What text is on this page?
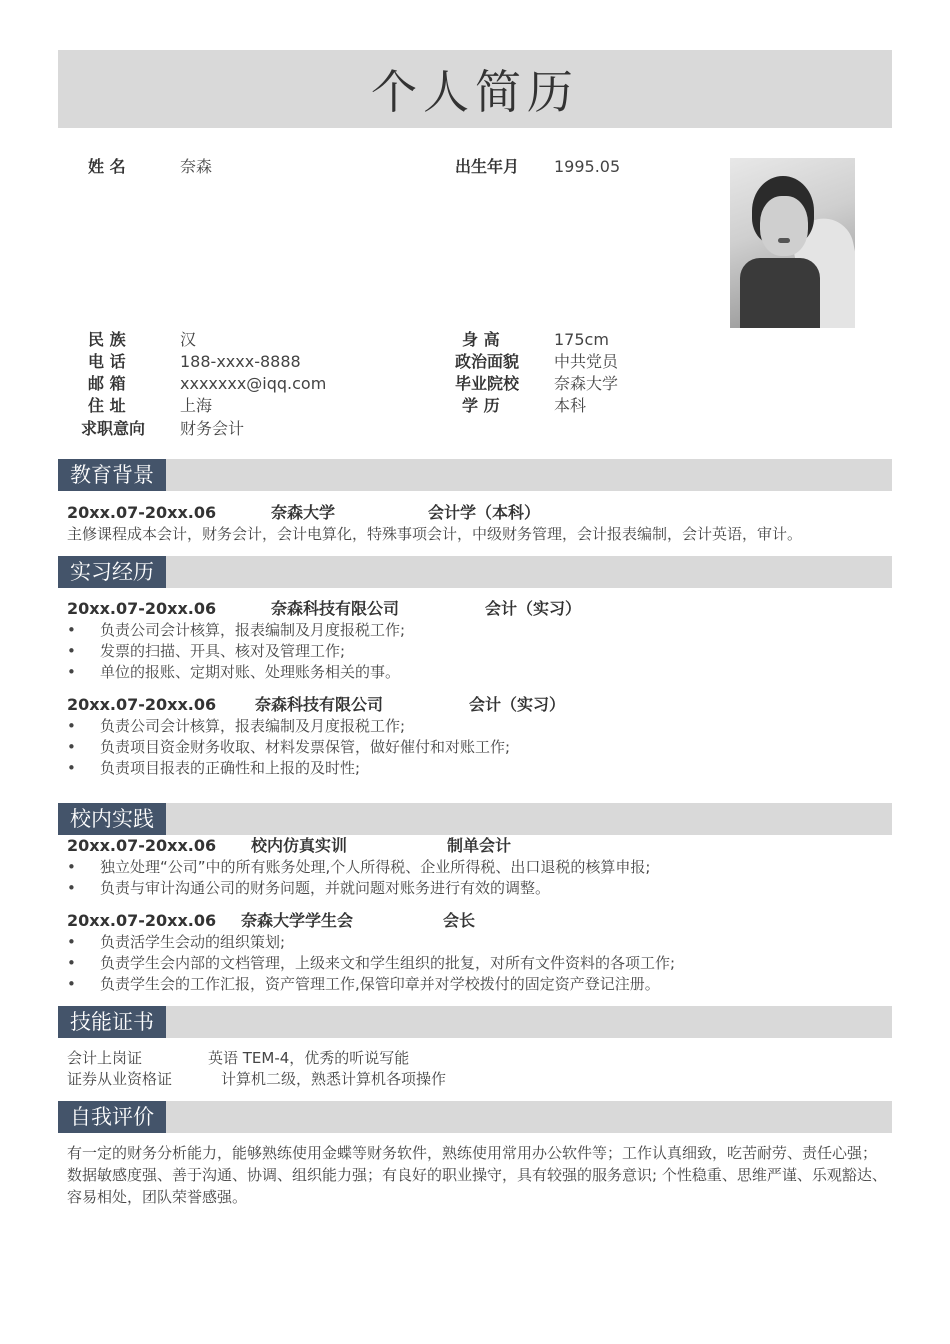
个人简历
姓 名	奈森	出生年月 1995.05
民 族	汉	身 高	175cm
电 话	188-xxxx-8888	政治面貌 中共党员
邮 箱	xxxxxxx@iqq.com	毕业院校 奈森大学
住 址	上海	学 历	本科
求职意向 财务会计
教育背景
20xx.07-20xx.06	奈森大学	会计学（本科）
主修课程成本会计，财务会计，会计电算化，特殊事项会计，中级财务管理，会计报表编制，会计英语，审计。
实习经历
20xx.07-20xx.06	奈森科技有限公司	会计（实习）
• 负责公司会计核算，报表编制及月度报税工作;
• 发票的扫描、开具、核对及管理工作;
• 单位的报账、定期对账、处理账务相关的事。
20xx.07-20xx.06 奈森科技有限公司	会计（实习）
• 负责公司会计核算，报表编制及月度报税工作;
• 负责项目资金财务收取、材料发票保管，做好催付和对账工作;
• 负责项目报表的正确性和上报的及时性;
校内实践
20xx.07-20xx.06 校内仿真实训	制单会计
• 独立处理“公司”中的所有账务处理,个人所得税、企业所得税、出口退税的核算申报;
• 负责与审计沟通公司的财务问题，并就问题对账务进行有效的调整。
20xx.07-20xx.06 奈森大学学生会	会长
• 负责活学生会动的组织策划;
• 负责学生会内部的文档管理，上级来文和学生组织的批复，对所有文件资料的各项工作;
• 负责学生会的工作汇报，资产管理工作,保管印章并对学校拨付的固定资产登记注册。
技能证书
会计上岗证	英语 TEM-4，优秀的听说写能
证券从业资格证	计算机二级，熟悉计算机各项操作
自我评价
有一定的财务分析能力，能够熟练使用金蝶等财务软件，熟练使用常用办公软件等；工作认真细致，吃苦耐劳、责任心强；数据敏感度强、善于沟通、协调、组织能力强；有良好的职业操守，具有较强的服务意识; 个性稳重、思维严谨、乐观豁达、容易相处，团队荣誉感强。
